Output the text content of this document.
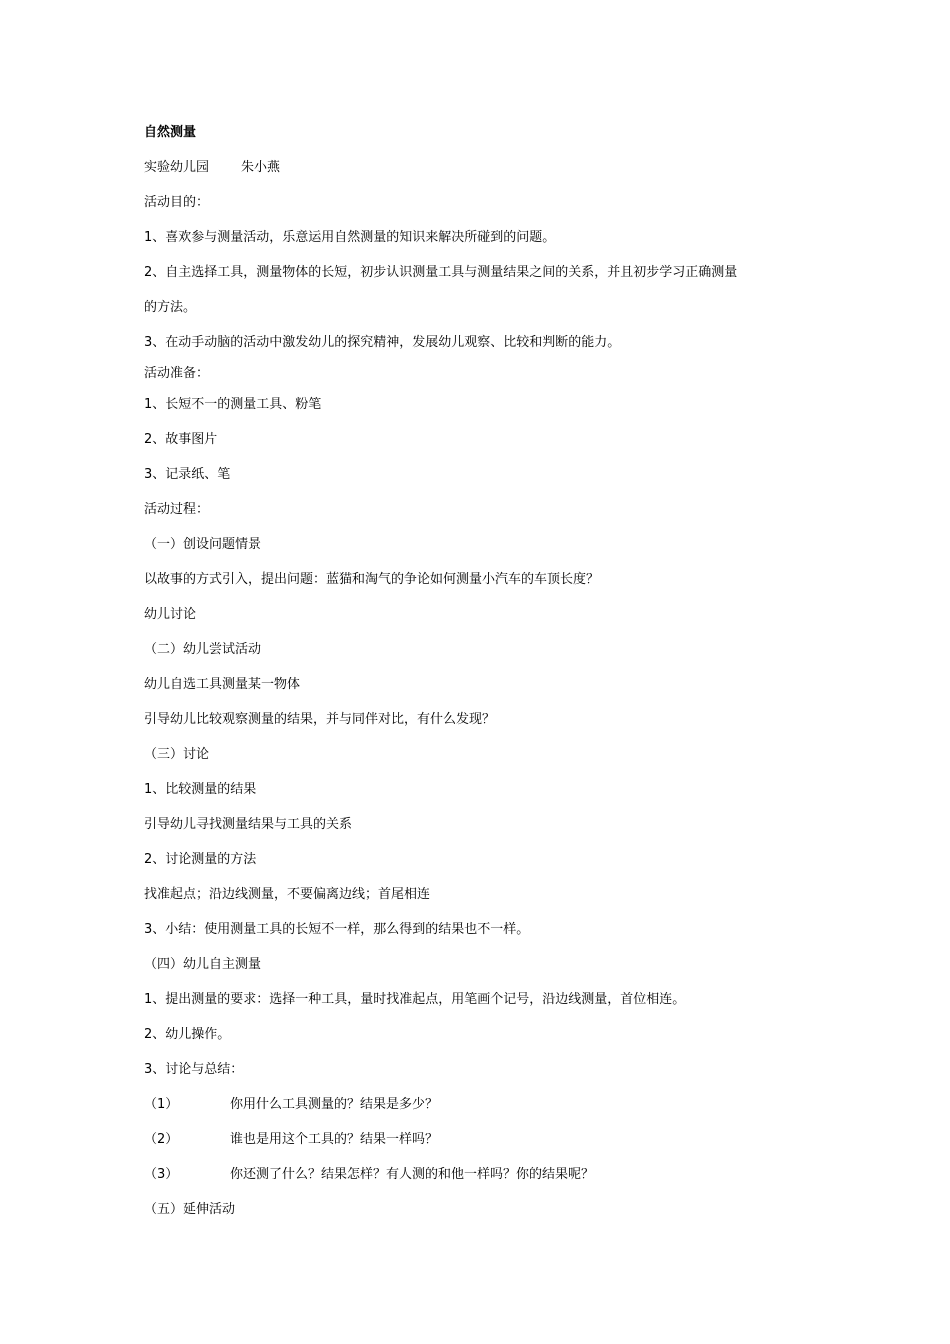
自然测量
实验幼儿园 朱小燕
活动目的：
1、喜欢参与测量活动，乐意运用自然测量的知识来解决所碰到的问题。
2、自主选择工具，测量物体的长短，初步认识测量工具与测量结果之间的关系，并且初步学习正确测量
的方法。
3、在动手动脑的活动中激发幼儿的探究精神，发展幼儿观察、比较和判断的能力。
活动准备：
1、长短不一的测量工具、粉笔
2、故事图片
3、记录纸、笔
活动过程：
（一）创设问题情景
以故事的方式引入，提出问题：蓝猫和淘气的争论如何测量小汽车的车顶长度？
幼儿讨论
（二）幼儿尝试活动
幼儿自选工具测量某一物体
引导幼儿比较观察测量的结果，并与同伴对比，有什么发现？
（三）讨论
1、比较测量的结果
引导幼儿寻找测量结果与工具的关系
2、讨论测量的方法
找准起点；沿边线测量，不要偏离边线；首尾相连
3、小结：使用测量工具的长短不一样，那么得到的结果也不一样。
（四）幼儿自主测量
1、提出测量的要求：选择一种工具，量时找准起点，用笔画个记号，沿边线测量，首位相连。
2、幼儿操作。
3、讨论与总结：
（1）	你用什么工具测量的？结果是多少？
（2）	谁也是用这个工具的？结果一样吗？
（3）	你还测了什么？结果怎样？有人测的和他一样吗？你的结果呢？
（五）延伸活动
